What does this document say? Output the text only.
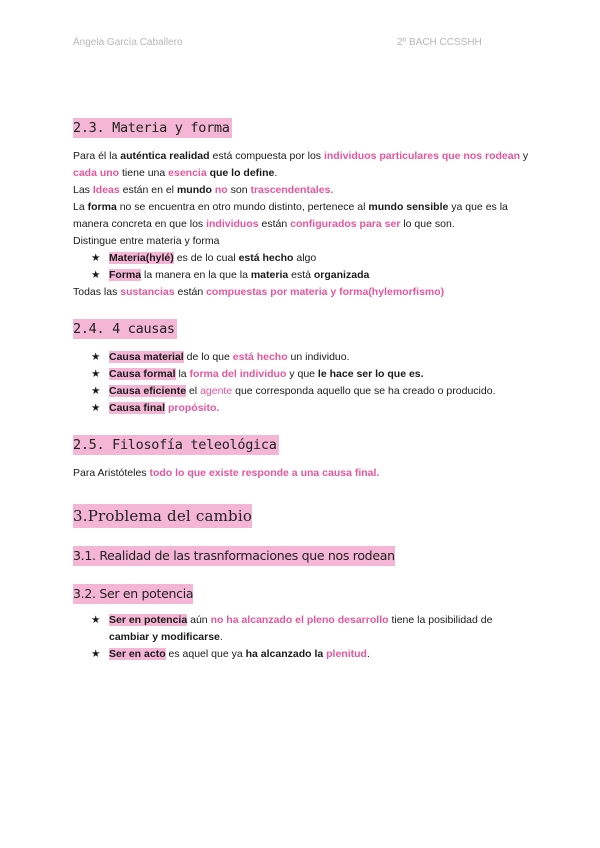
Ángela García Caballero	2º BACH CCSSHH
2.3. Materia y forma

Para él la auténtica realidad está compuesta por los individuos particulares que nos rodean y cada uno tiene una esencia que lo define.

Las Ideas están en el mundo no son trascendentales.

La forma no se encuentra en otro mundo distinto, pertenece al mundo sensible ya que es la manera concreta en que los individuos están configurados para ser lo que son.

Distingue entre materia y forma

★ Materia(hylé) es de lo cual está hecho algo
★ Forma la manera en la que la materia está organizada

Todas las sustancias están compuestas por materia y forma(hylemorfismo)

2.4. 4 causas
★ Causa material de lo que está hecho un individuo.
★ Causa formal la forma del individuo y que le hace ser lo que es.
★ Causa eficiente el agente que corresponda aquello que se ha creado o producido.
★ Causa final propósito.
2.5. Filosofía teleológica

Para Aristóteles todo lo que existe responde a una causa final.

3.Problema del cambio
3.1. Realidad de las trasnformaciones que nos rodean
3.2. Ser en potencia
★ Ser en potencia aún no ha alcanzado el pleno desarrollo tiene la posibilidad de cambiar y modificarse.
★ Ser en acto es aquel que ya ha alcanzado la plenitud.
